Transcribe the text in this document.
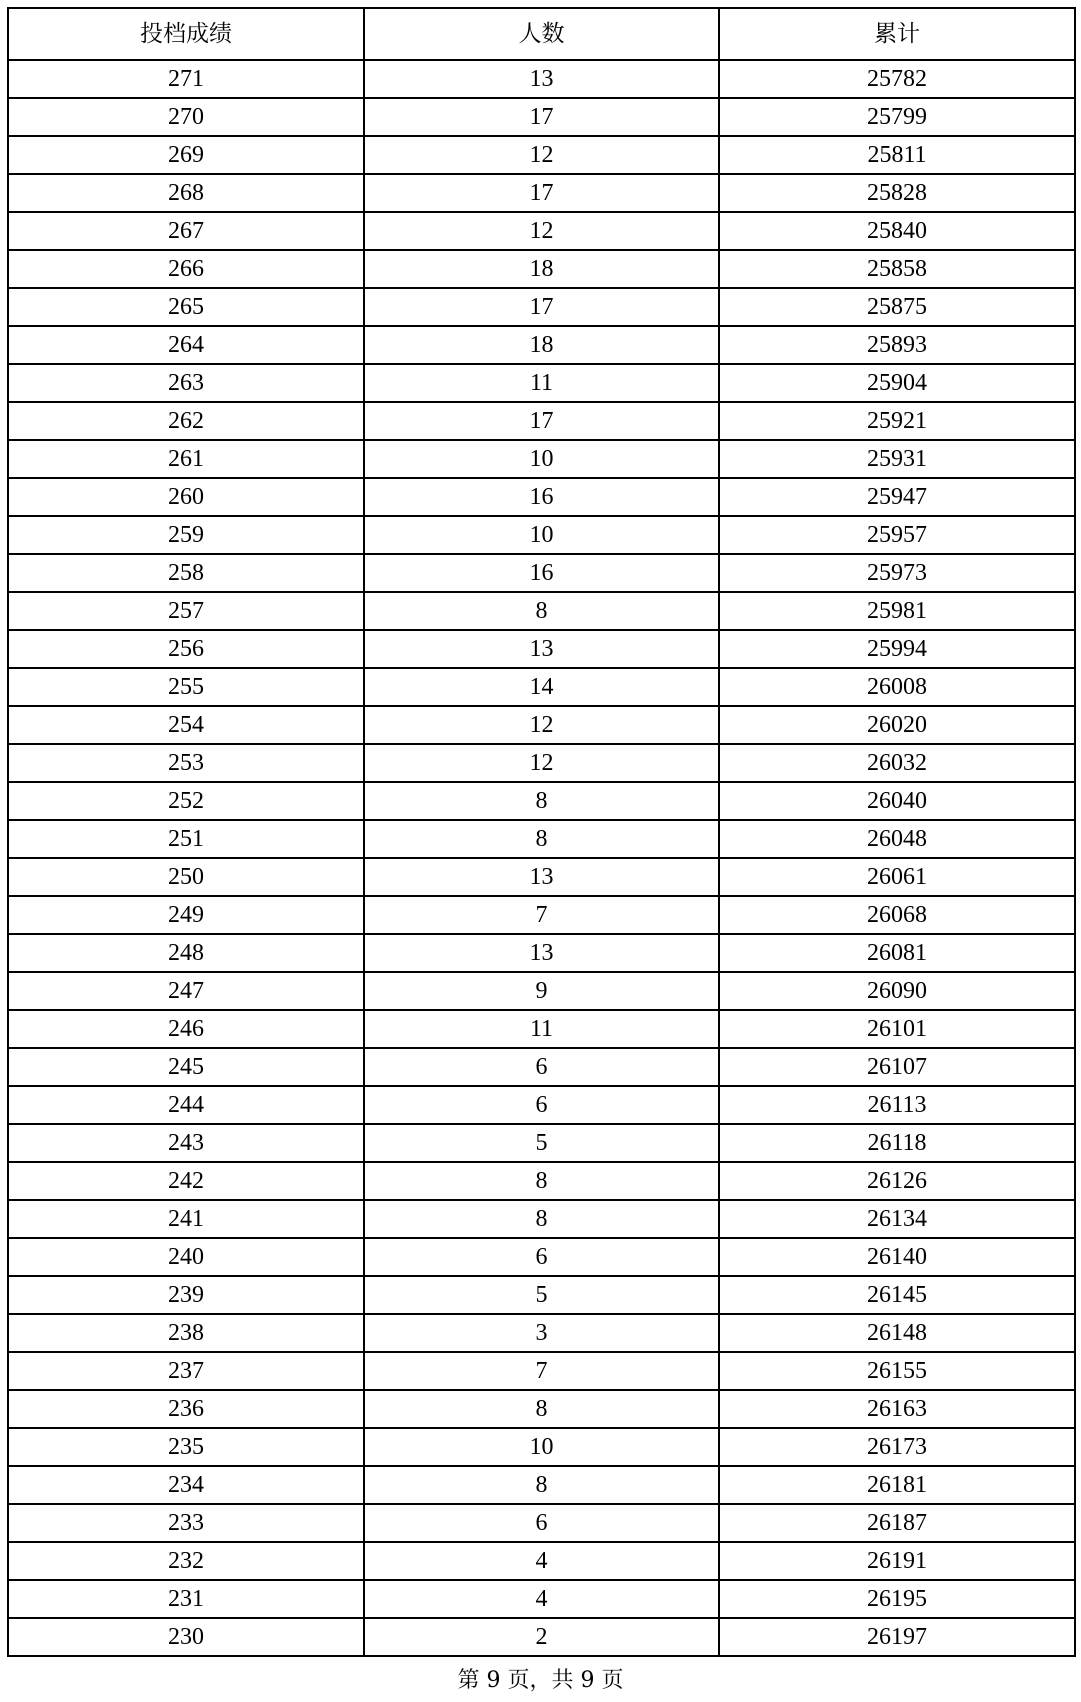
投档成绩	人数	累计
271	13	25782
270	17	25799
269	12	25811
268	17	25828
267	12	25840
266	18	25858
265	17	25875
264	18	25893
263	11	25904
262	17	25921
261	10	25931
260	16	25947
259	10	25957
258	16	25973
257	8	25981
256	13	25994
255	14	26008
254	12	26020
253	12	26032
252	8	26040
251	8	26048
250	13	26061
249	7	26068
248	13	26081
247	9	26090
246	11	26101
245	6	26107
244	6	26113
243	5	26118
242	8	26126
241	8	26134
240	6	26140
239	5	26145
238	3	26148
237	7	26155
236	8	26163
235	10	26173
234	8	26181
233	6	26187
232	4	26191
231	4	26195
230	2	26197
第 9 页，共 9 页
